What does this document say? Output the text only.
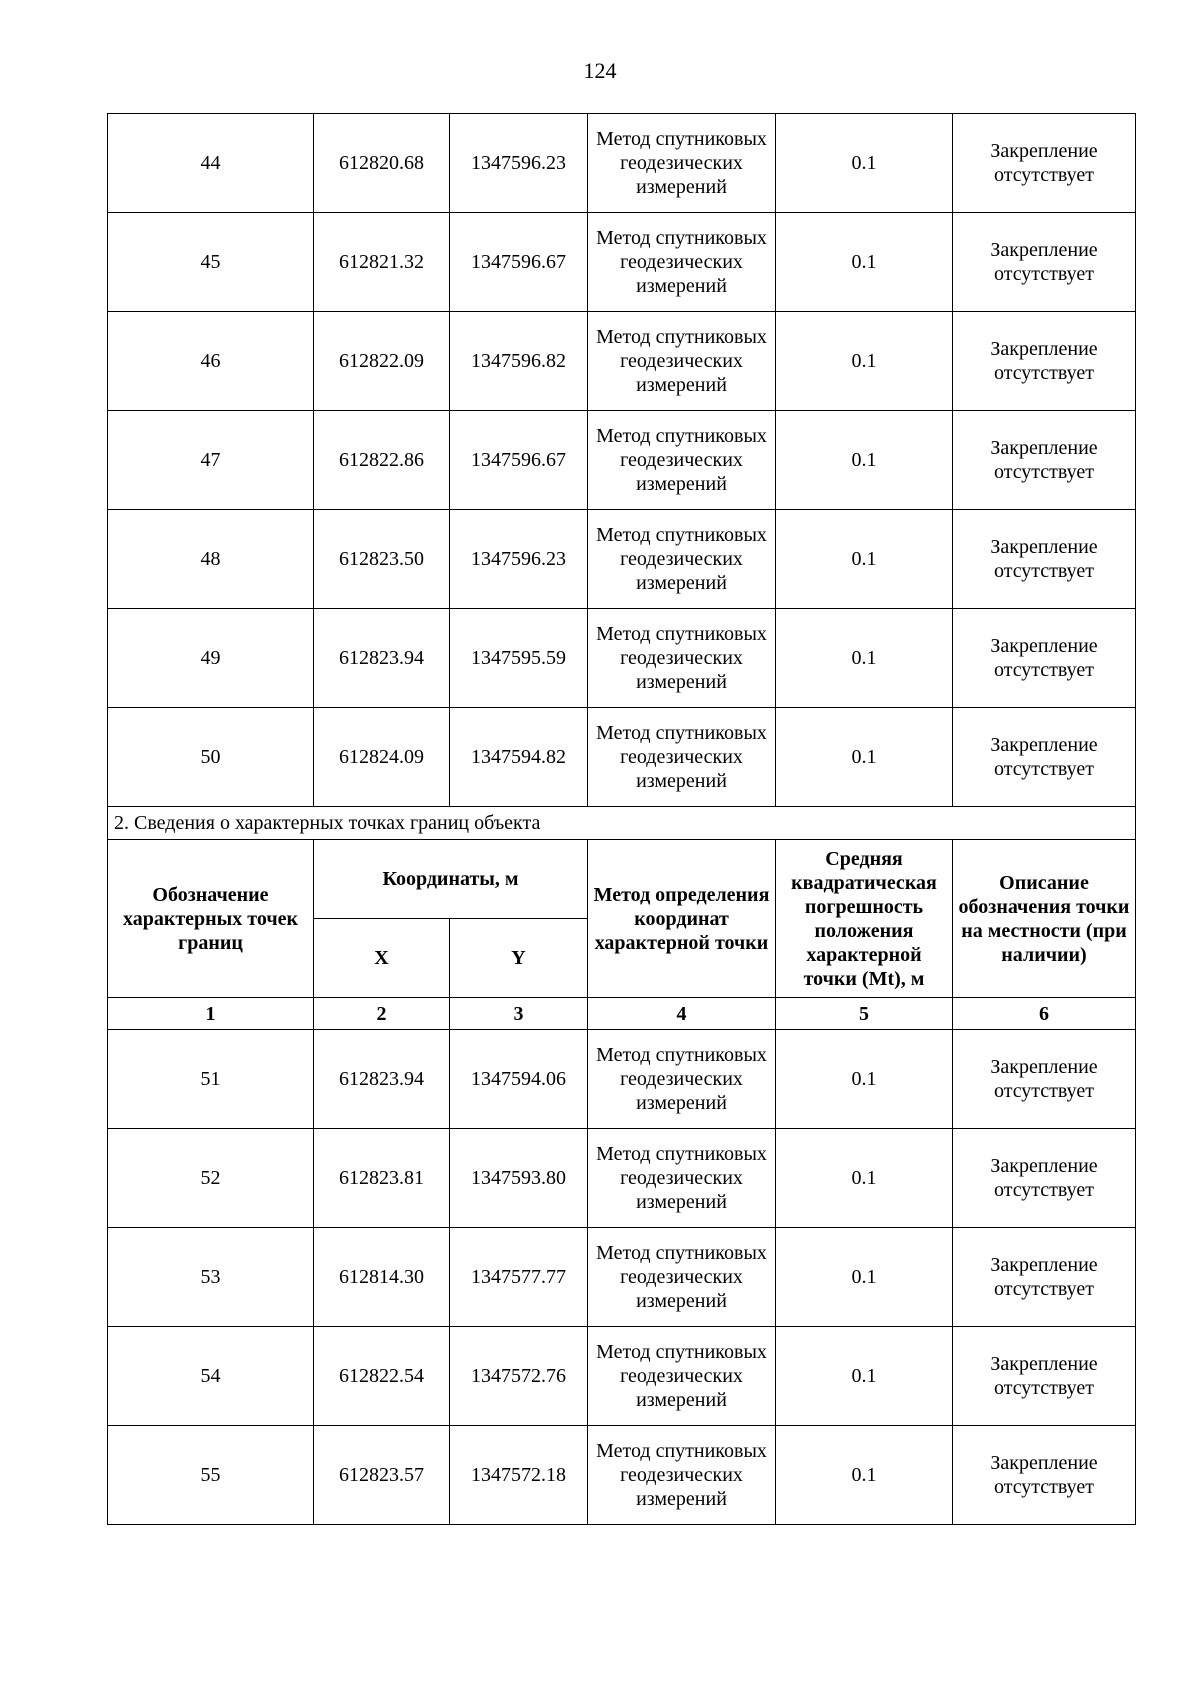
124
44	612820.68	1347596.23	Метод спутниковых геодезических измерений	0.1	Закрепление отсутствует
45	612821.32	1347596.67	Метод спутниковых геодезических измерений	0.1	Закрепление отсутствует
46	612822.09	1347596.82	Метод спутниковых геодезических измерений	0.1	Закрепление отсутствует
47	612822.86	1347596.67	Метод спутниковых геодезических измерений	0.1	Закрепление отсутствует
48	612823.50	1347596.23	Метод спутниковых геодезических измерений	0.1	Закрепление отсутствует
49	612823.94	1347595.59	Метод спутниковых геодезических измерений	0.1	Закрепление отсутствует
50	612824.09	1347594.82	Метод спутниковых геодезических измерений	0.1	Закрепление отсутствует
2. Сведения о характерных точках границ объекта					
Обозначение характерных точек границ	Координаты, м		Метод определения координат характерной точки	Средняя квадратическая погрешность положения характерной точки (Mt), м	Описание обозначения точки на местности (при наличии)
	X	Y			
1	2	3	4	5	6
51	612823.94	1347594.06	Метод спутниковых геодезических измерений	0.1	Закрепление отсутствует
52	612823.81	1347593.80	Метод спутниковых геодезических измерений	0.1	Закрепление отсутствует
53	612814.30	1347577.77	Метод спутниковых геодезических измерений	0.1	Закрепление отсутствует
54	612822.54	1347572.76	Метод спутниковых геодезических измерений	0.1	Закрепление отсутствует
55	612823.57	1347572.18	Метод спутниковых геодезических измерений	0.1	Закрепление отсутствует
